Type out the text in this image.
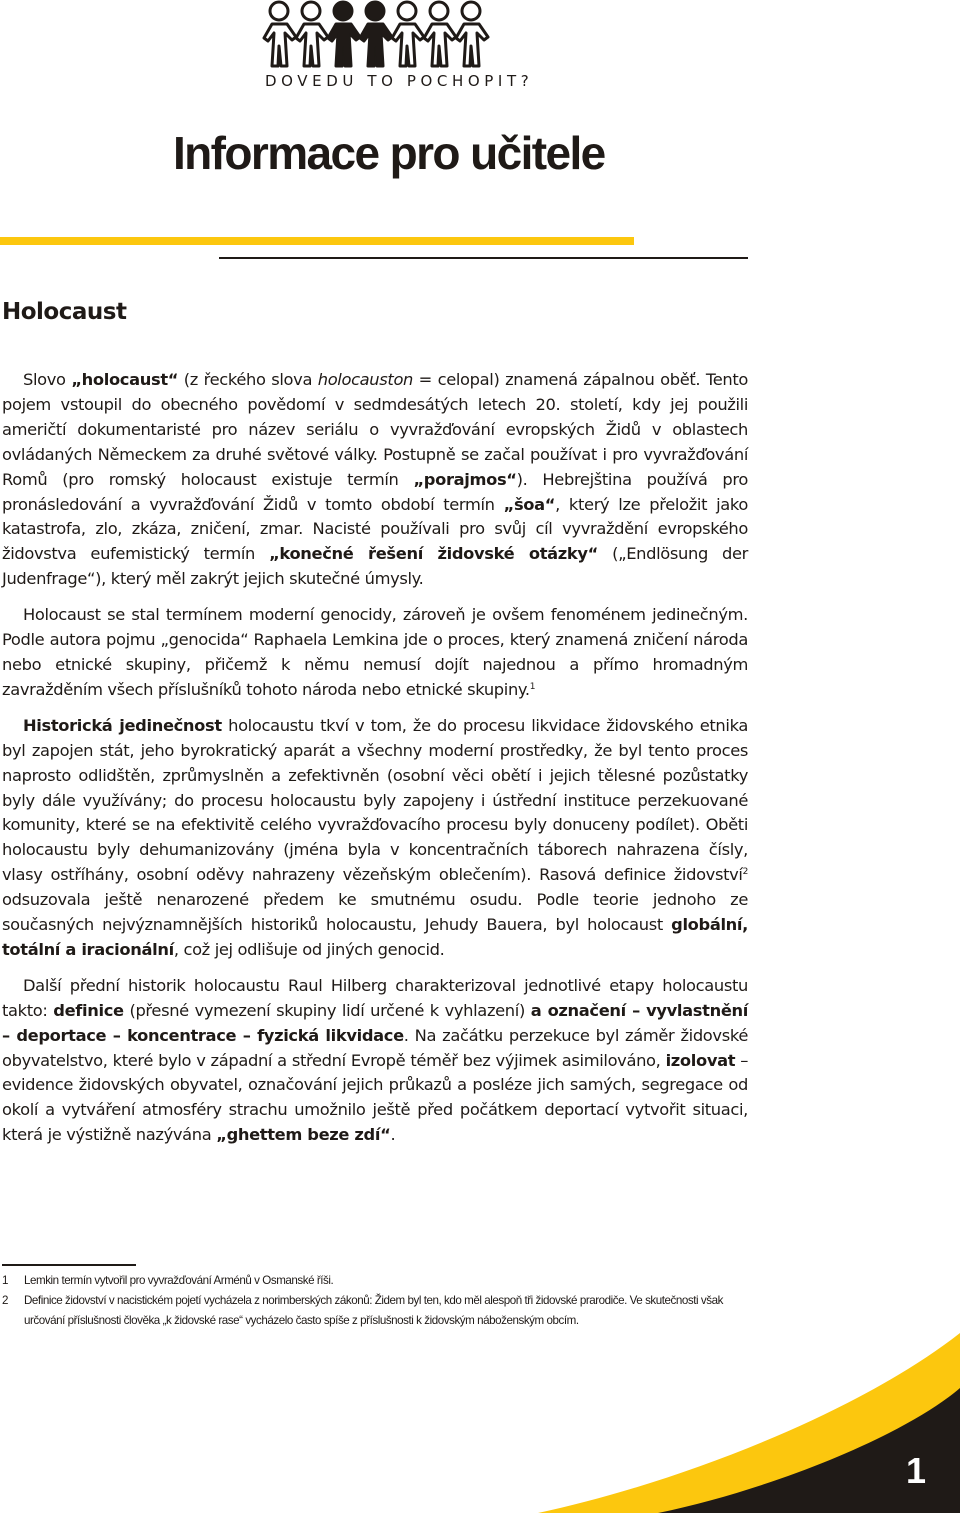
DOVEDU TO POCHOPIT?
Informace pro učitele
Holocaust

Slovo „holocaust“ (z řeckého slova holocauston = celopal) znamená zápalnou oběť. Tento pojem vstoupil do obecného povědomí v sedmdesátých letech 20. století, kdy jej použili američtí dokumentaristé pro název seriálu o vyvražďování evropských Židů v oblastech ovládaných Německem za druhé světové války. Postupně se začal používat i pro vyvražďování Romů (pro romský holocaust existuje termín „porajmos“). Hebrejština používá pro pronásledování a vyvražďování Židů v tomto období termín „šoa“, který lze přeložit jako katastrofa, zlo, zkáza, zničení, zmar. Nacisté používali pro svůj cíl vyvraždění evropského židovstva eufemistický termín „konečné řešení židovské otázky“ („Endlösung der Judenfrage“), který měl zakrýt jejich skutečné úmysly.

Holocaust se stal termínem moderní genocidy, zároveň je ovšem fenoménem jedinečným. Podle autora pojmu „genocida“ Raphaela Lemkina jde o proces, který znamená zničení národa nebo etnické skupiny, přičemž k němu nemusí dojít najednou a přímo hromadným zavražděním všech příslušníků tohoto národa nebo etnické skupiny.$^1$

Historická jedinečnost holocaustu tkví v tom, že do procesu likvidace židovského etnika byl zapojen stát, jeho byrokratický aparát a všechny moderní prostředky, že byl tento proces naprosto odlidštěn, zprůmyslněn a zefektivněn (osobní věci obětí i jejich tělesné pozůstatky byly dále využívány; do procesu holocaustu byly zapojeny i ústřední instituce perzekuované komunity, které se na efektivitě celého vyvražďovacího procesu byly donuceny podílet). Oběti holocaustu byly dehumanizovány (jména byla v koncentračních táborech nahrazena čísly, vlasy ostříhány, osobní oděvy nahrazeny vězeňským oblečením). Rasová definice židovství$^2$ odsuzovala ještě nenarozené předem ke smutnému osudu. Podle teorie jednoho ze současných nejvýznamnějších historiků holocaustu, Jehudy Bauera, byl holocaust globální, totální a iracionální, což jej odlišuje od jiných genocid.

Další přední historik holocaustu Raul Hilberg charakterizoval jednotlivé etapy holocaustu takto: definice (přesné vymezení skupiny lidí určené k vyhlazení) a označení – vyvlastnění – deportace – koncentrace – fyzická likvidace. Na začátku perzekuce byl záměr židovské obyvatelstvo, které bylo v západní a střední Evropě téměř bez výjimek asimilováno, izolovat – evidence židovských obyvatel, označování jejich průkazů a posléze jich samých, segregace od okolí a vytváření atmosféry strachu umožnilo ještě před počátkem deportací vytvořit situaci, která je výstižně nazývána „ghettem beze zdí“.

1	Lemkin termín vytvořil pro vyvražďování Arménů v Osmanské říši.
2	Definice židovství v nacistickém pojetí vycházela z norimberských zákonů: Židem byl ten, kdo měl alespoň tři židovské prarodiče. Ve skutečnosti však určování příslušnosti člověka „k židovské rase“ vycházelo často spíše z příslušnosti k židovským náboženským obcím.
1
